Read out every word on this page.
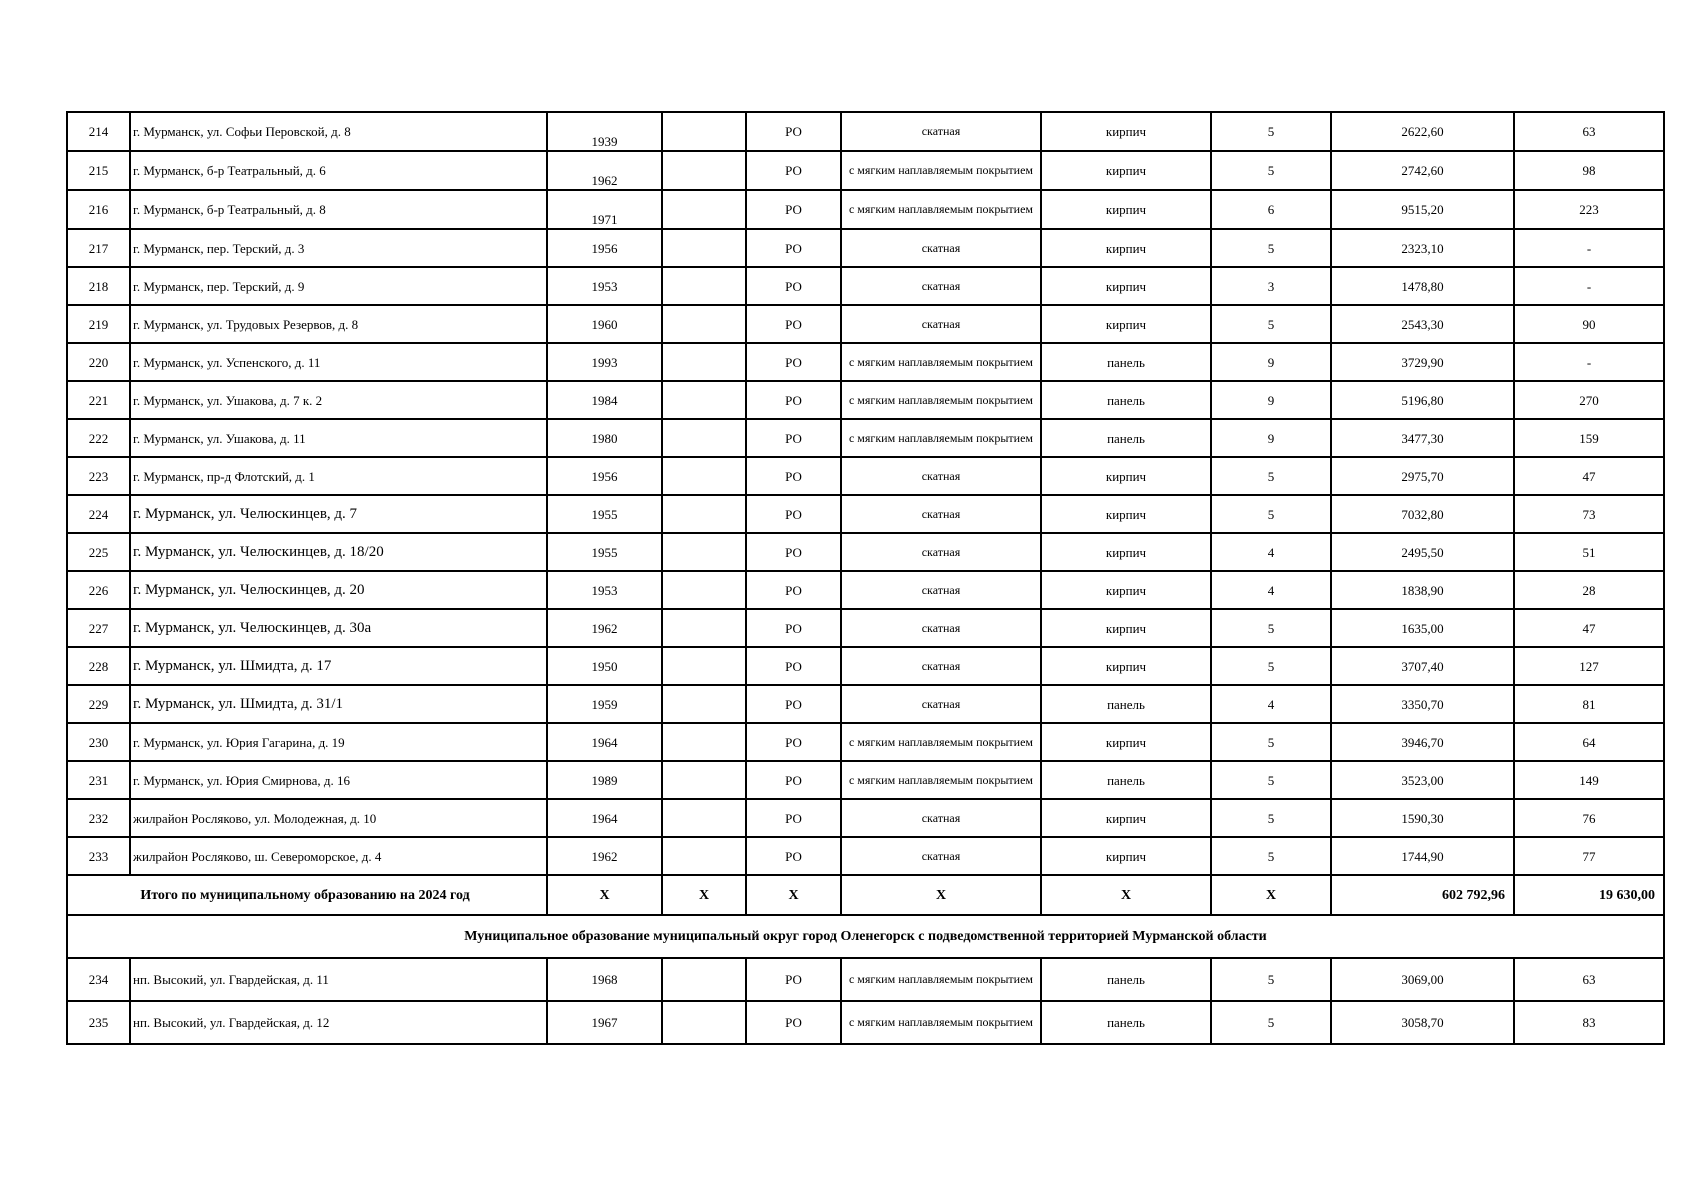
214	г. Мурманск, ул. Софьи Перовской, д. 8	1939		РО	скатная	кирпич	5	2622,60	63
215	г. Мурманск, б-р Театральный, д. 6	1962		РО	с мягким наплавляемым покрытием	кирпич	5	2742,60	98
216	г. Мурманск, б-р Театральный, д. 8	1971		РО	с мягким наплавляемым покрытием	кирпич	6	9515,20	223
217	г. Мурманск, пер. Терский, д. 3	1956		РО	скатная	кирпич	5	2323,10	-
218	г. Мурманск, пер. Терский, д. 9	1953		РО	скатная	кирпич	3	1478,80	-
219	г. Мурманск, ул. Трудовых Резервов, д. 8	1960		РО	скатная	кирпич	5	2543,30	90
220	г. Мурманск, ул. Успенского, д. 11	1993		РО	с мягким наплавляемым покрытием	панель	9	3729,90	-
221	г. Мурманск, ул. Ушакова, д. 7 к. 2	1984		РО	с мягким наплавляемым покрытием	панель	9	5196,80	270
222	г. Мурманск, ул. Ушакова, д. 11	1980		РО	с мягким наплавляемым покрытием	панель	9	3477,30	159
223	г. Мурманск, пр-д Флотский, д. 1	1956		РО	скатная	кирпич	5	2975,70	47
224	г. Мурманск, ул. Челюскинцев, д. 7	1955		РО	скатная	кирпич	5	7032,80	73
225	г. Мурманск, ул. Челюскинцев, д. 18/20	1955		РО	скатная	кирпич	4	2495,50	51
226	г. Мурманск, ул. Челюскинцев, д. 20	1953		РО	скатная	кирпич	4	1838,90	28
227	г. Мурманск, ул. Челюскинцев, д. 30а	1962		РО	скатная	кирпич	5	1635,00	47
228	г. Мурманск, ул. Шмидта, д. 17	1950		РО	скатная	кирпич	5	3707,40	127
229	г. Мурманск, ул. Шмидта, д. 31/1	1959		РО	скатная	панель	4	3350,70	81
230	г. Мурманск, ул. Юрия Гагарина, д. 19	1964		РО	с мягким наплавляемым покрытием	кирпич	5	3946,70	64
231	г. Мурманск, ул. Юрия Смирнова, д. 16	1989		РО	с мягким наплавляемым покрытием	панель	5	3523,00	149
232	жилрайон Росляково, ул. Молодежная, д. 10	1964		РО	скатная	кирпич	5	1590,30	76
233	жилрайон Росляково, ш. Североморское, д. 4	1962		РО	скатная	кирпич	5	1744,90	77
Итого по муниципальному образованию на 2024 год		X	X	X	X	X	X	602 792,96	19 630,00
Муниципальное образование муниципальный округ город Оленегорск с подведомственной территорией Мурманской области									
234	нп. Высокий, ул. Гвардейская, д. 11	1968		РО	с мягким наплавляемым покрытием	панель	5	3069,00	63
235	нп. Высокий, ул. Гвардейская, д. 12	1967		РО	с мягким наплавляемым покрытием	панель	5	3058,70	83
